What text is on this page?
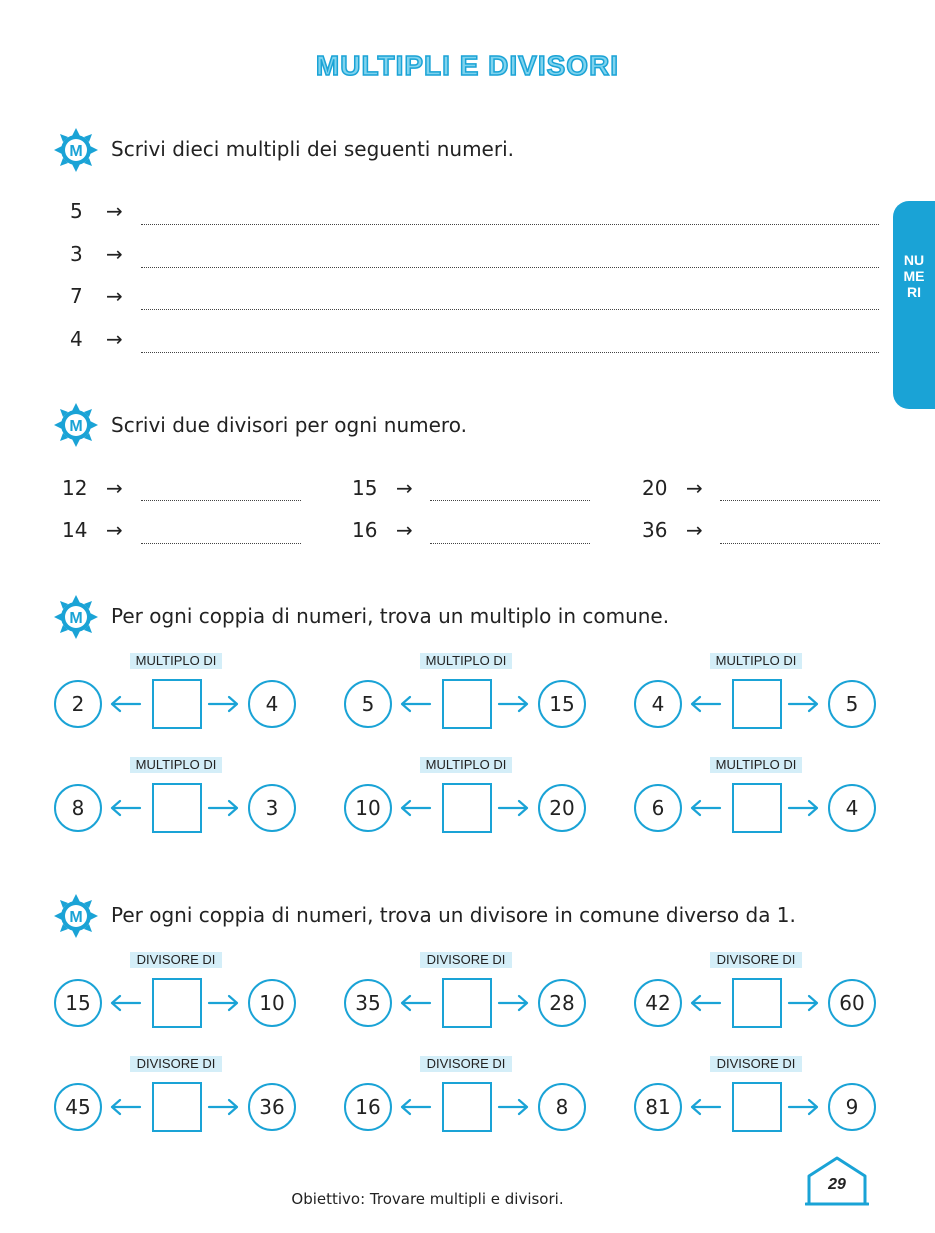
MULTIPLI E DIVISORI
NUMERI
M Scrivi dieci multipli dei seguenti numeri.
5 →
3 →
7 →
4 →
M Scrivi due divisori per ogni numero.
12 →	15 →	20 →
14 →	16 →	36 →
M Per ogni coppia di numeri, trova un multiplo in comune.
M Per ogni coppia di numeri, trova un divisore in comune diverso da 1.
MULTIPLO DI
2	4
MULTIPLO DI
5	15
MULTIPLO DI
4	5
MULTIPLO DI
8	3
MULTIPLO DI
10	20
MULTIPLO DI
6	4
DIVISORE DI
15	10
DIVISORE DI
35	28
DIVISORE DI
42	60
DIVISORE DI
45	36
DIVISORE DI
16	8
DIVISORE DI
81	9
Obiettivo: Trovare multipli e divisori.
29
